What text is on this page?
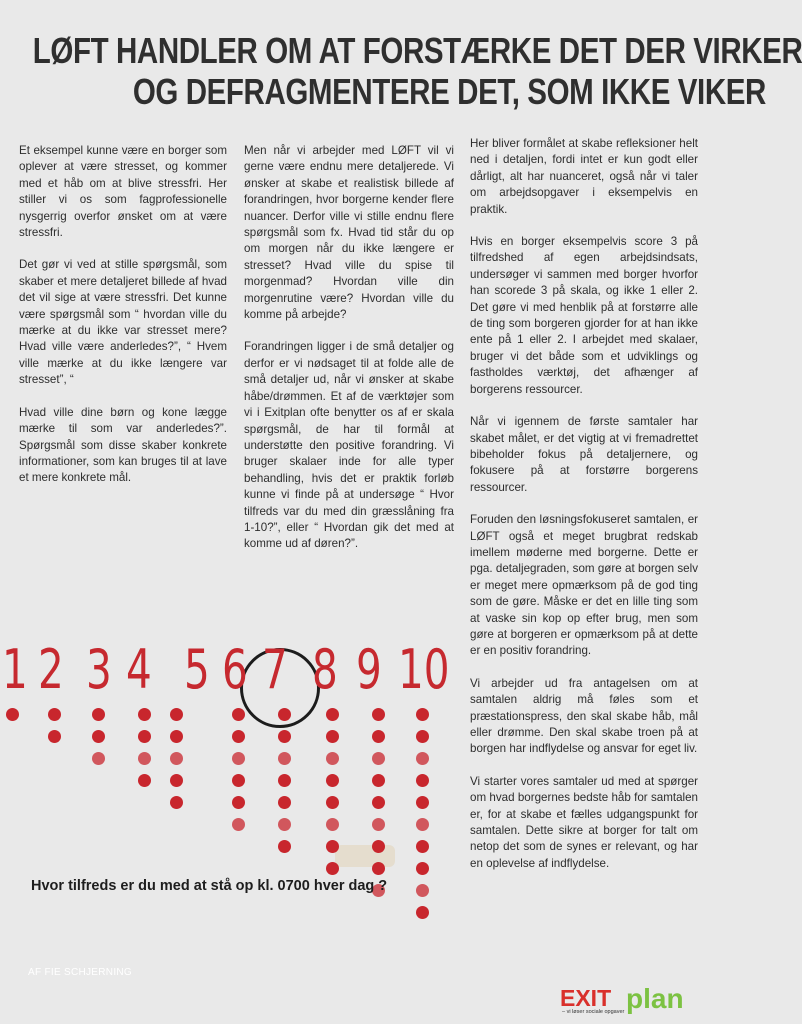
LØFT HANDLER OM AT FORSTÆRKE DET DER VIRKER
OG DEFRAGMENTERE DET, SOM IKKE VIKER

Et eksempel kunne være en borger som oplever at være stresset, og kommer med et håb om at blive stressfri. Her stiller vi os som fagprofessionelle nysgerrig overfor ønsket om at være stressfri.

Det gør vi ved at stille spørgsmål, som skaber et mere detaljeret billede af hvad det vil sige at være stressfri. Det kunne være spørgsmål som “ hvordan ville du mærke at du ikke var stresset mere? Hvad ville være anderledes?”, “ Hvem ville mærke at du ikke længere var stresset”, “

Hvad ville dine børn og kone lægge mærke til som var anderledes?”. Spørgsmål som disse skaber konkrete informationer, som kan bruges til at lave et mere konkrete mål.

Men når vi arbejder med LØFT vil vi gerne være endnu mere detaljerede. Vi ønsker at skabe et realistisk billede af forandringen, hvor borgerne kender flere nuancer. Derfor ville vi stille endnu flere spørgsmål som fx. Hvad tid står du op om morgen når du ikke længere er stresset? Hvad ville du spise til morgenmad? Hvordan ville din morgenrutine være? Hvordan ville du komme på arbejde?

Forandringen ligger i de små detaljer og derfor er vi nødsaget til at folde alle de små detaljer ud, når vi ønsker at skabe håbe/drømmen. Et af de værktøjer som vi i Exitplan ofte benytter os af er skala spørgsmål, de har til formål at understøtte den positive forandring. Vi bruger skalaer inde for alle typer behandling, hvis det er praktik forløb kunne vi finde på at undersøge “ Hvor tilfreds var du med din græsslåning fra 1-10?”, eller “ Hvordan gik det med at komme ud af døren?”.

Her bliver formålet at skabe refleksioner helt ned i detaljen, fordi intet er kun godt eller dårligt, alt har nuanceret, også når vi taler om arbejdsopgaver i eksempelvis en praktik.

Hvis en borger eksempelvis score 3 på tilfredshed af egen arbejdsindsats, undersøger vi sammen med borger hvorfor han scorede 3 på skala, og ikke 1 eller 2. Det gøre vi med henblik på at forstørre alle de ting som borgeren gjorder for at han ikke ente på 1 eller 2. I arbejdet med skalaer, bruger vi det både som et udviklings og fastholdes værktøj, det afhænger af borgerens ressourcer.

Når vi igennem de første samtaler har skabet målet, er det vigtig at vi fremadrettet bibeholder fokus på detaljernere, og fokusere på at forstørre borgerens ressourcer.

Foruden den løsningsfokuseret samtalen, er LØFT også et meget brugbrat redskab imellem møderne med borgerne. Dette er pga. detaljegraden, som gøre at borgen selv er meget mere opmærksom på de god ting som de gøre. Måske er det en lille ting som at vaske sin kop op efter brug, men som gøre at borgeren er opmærksom på at dette er en positiv forandring.

Vi arbejder ud fra antagelsen om at samtalen aldrig må føles som et præstationspress, den skal skabe håb, mål eller drømme. Den skal skabe troen på at borgen har indflydelse og ansvar for eget liv.

Vi starter vores samtaler ud med at spørger om hvad borgernes bedste håb for samtalen er, for at skabe et fælles udgangspunkt for samtalen. Dette sikre at borger for talt om netop det som de synes er relevant, og har en oplevelse af indflydelse.

1 2 3 4 5 6 7 8 9 10
Hvor tilfreds er du med at stå op kl. 0700 hver dag ?
AF FIE SCHJERNING
EXIT plan
– vi løser sociale opgaver
